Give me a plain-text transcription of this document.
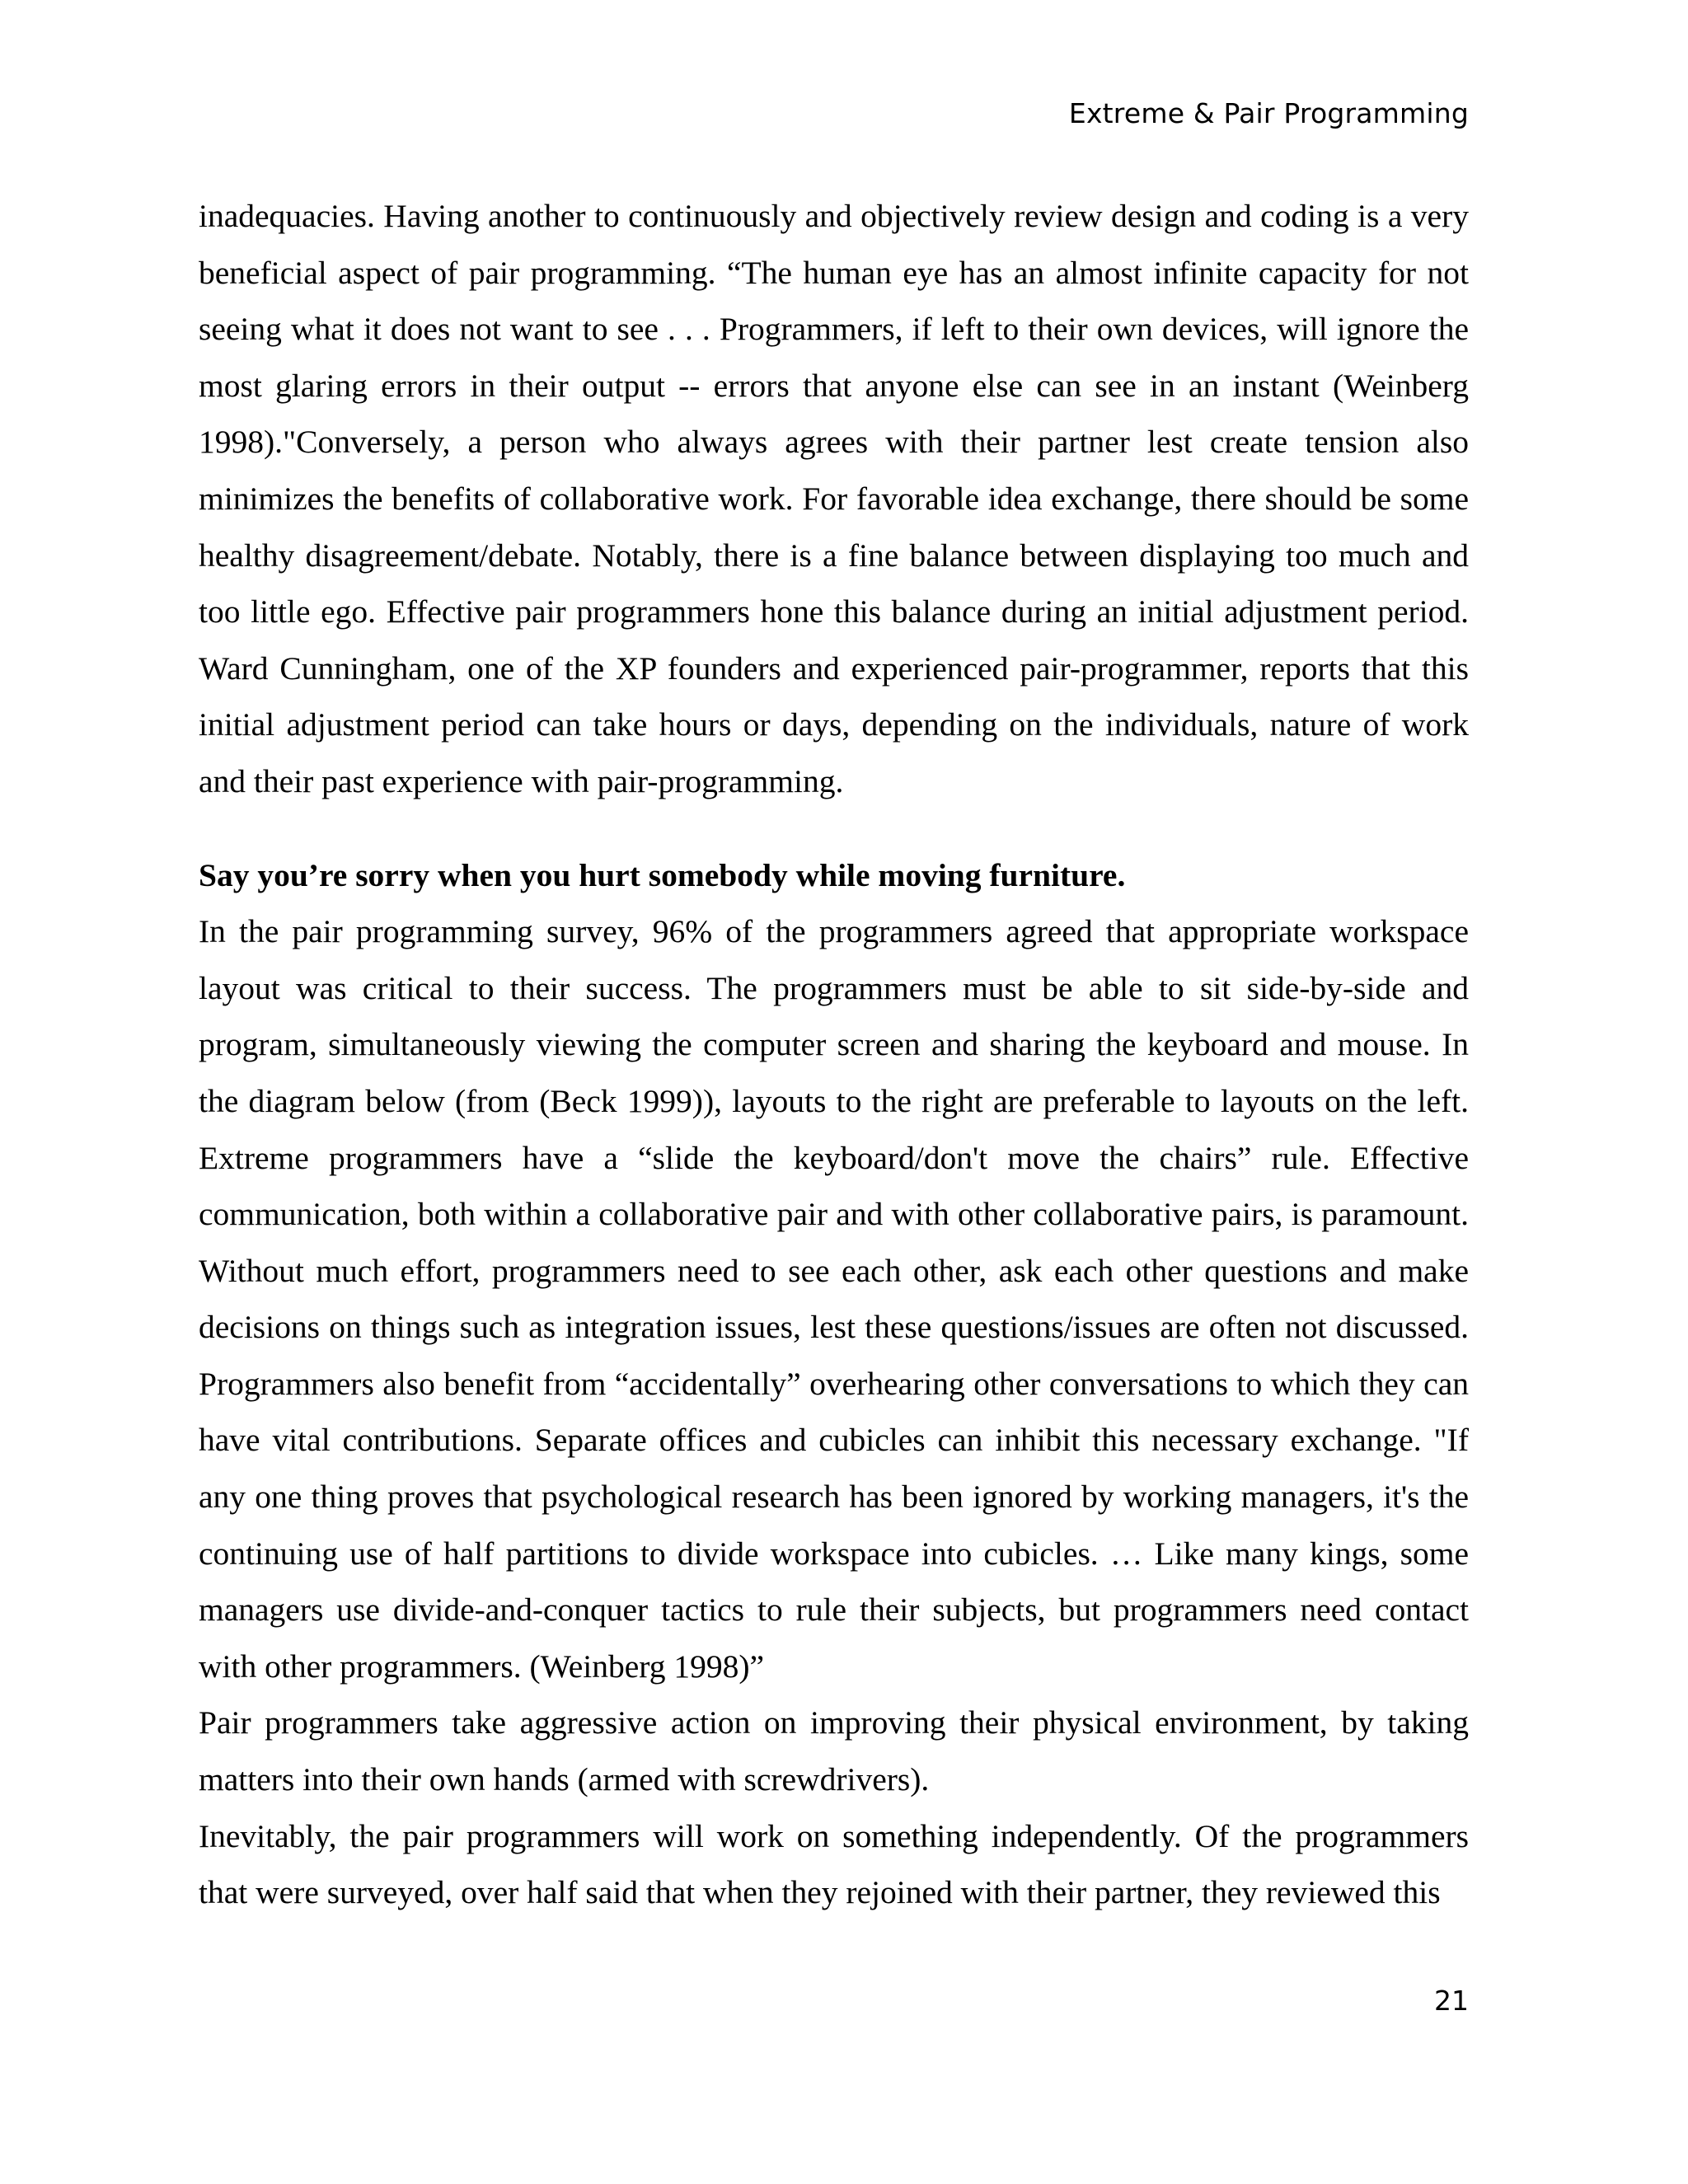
Extreme & Pair Programming

inadequacies. Having another to continuously and objectively review design and coding is a very beneficial aspect of pair programming. “The human eye has an almost infinite capacity for not seeing what it does not want to see . . . Programmers, if left to their own devices, will ignore the most glaring errors in their output -- errors that anyone else can see in an instant (Weinberg 1998)."Conversely, a person who always agrees with their partner lest create tension also minimizes the benefits of collaborative work. For favorable idea exchange, there should be some healthy disagreement/debate. Notably, there is a fine balance between displaying too much and too little ego. Effective pair programmers hone this balance during an initial adjustment period. Ward Cunningham, one of the XP founders and experienced pair-programmer, reports that this initial adjustment period can take hours or days, depending on the individuals, nature of work and their past experience with pair-programming.

Say you’re sorry when you hurt somebody while moving furniture.

In the pair programming survey, 96% of the programmers agreed that appropriate workspace layout was critical to their success. The programmers must be able to sit side-by-side and program, simultaneously viewing the computer screen and sharing the keyboard and mouse. In the diagram below (from (Beck 1999)), layouts to the right are preferable to layouts on the left. Extreme programmers have a “slide the keyboard/don't move the chairs” rule. Effective communication, both within a collaborative pair and with other collaborative pairs, is paramount. Without much effort, programmers need to see each other, ask each other questions and make decisions on things such as integration issues, lest these questions/issues are often not discussed. Programmers also benefit from “accidentally” overhearing other conversations to which they can have vital contributions. Separate offices and cubicles can inhibit this necessary exchange. "If any one thing proves that psychological research has been ignored by working managers, it's the continuing use of half partitions to divide workspace into cubicles. … Like many kings, some managers use divide-and-conquer tactics to rule their subjects, but programmers need contact with other programmers. (Weinberg 1998)”

Pair programmers take aggressive action on improving their physical environment, by taking matters into their own hands (armed with screwdrivers).

Inevitably, the pair programmers will work on something independently. Of the programmers that were surveyed, over half said that when they rejoined with their partner, they reviewed this

21
